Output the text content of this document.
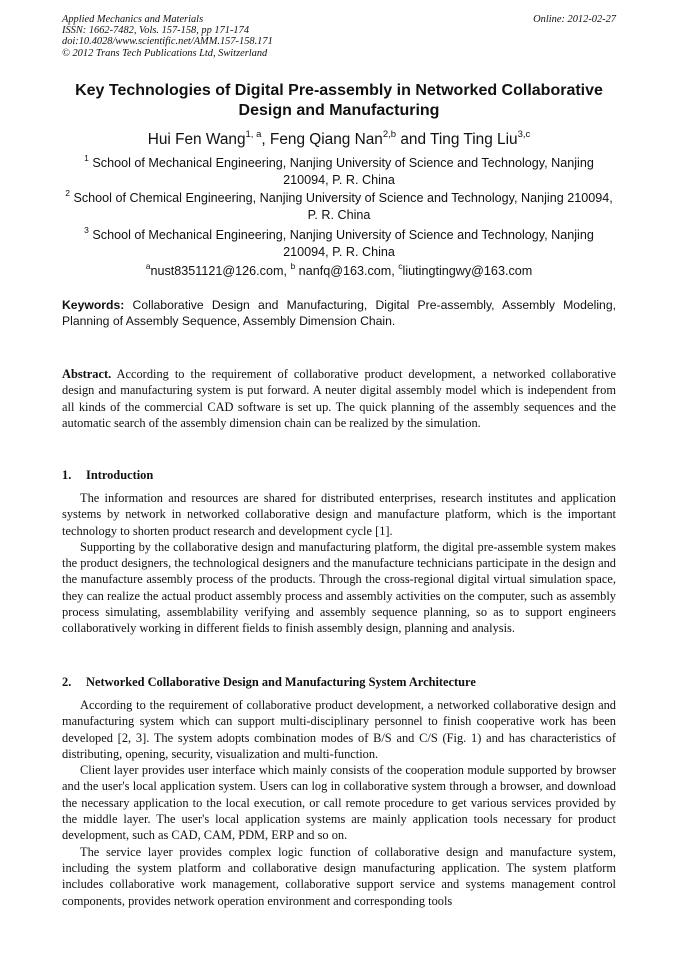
Applied Mechanics and Materials
ISSN: 1662-7482, Vols. 157-158, pp 171-174
doi:10.4028/www.scientific.net/AMM.157-158.171
© 2012 Trans Tech Publications Ltd, Switzerland
Online: 2012-02-27
Key Technologies of Digital Pre-assembly in Networked Collaborative
Design and Manufacturing
Hui Fen Wang$^{1, a}$, Feng Qiang Nan$^{2,b}$ and Ting Ting Liu$^{3,c}$
$^1$ School of Mechanical Engineering, Nanjing University of Science and Technology, Nanjing
210094, P. R. China
$^2$ School of Chemical Engineering, Nanjing University of Science and Technology, Nanjing 210094,
P. R. China
$^3$ School of Mechanical Engineering, Nanjing University of Science and Technology, Nanjing
210094, P. R. China
$^a$nust8351121@126.com, $^b$ nanfq@163.com, $^c$liutingtingwy@163.com
Keywords: Collaborative Design and Manufacturing, Digital Pre-assembly, Assembly Modeling, Planning of Assembly Sequence, Assembly Dimension Chain.
Abstract. According to the requirement of collaborative product development, a networked collaborative design and manufacturing system is put forward. A neuter digital assembly model which is independent from all kinds of the commercial CAD software is set up. The quick planning of the assembly sequences and the automatic search of the assembly dimension chain can be realized by the simulation.
1. Introduction

The information and resources are shared for distributed enterprises, research institutes and application systems by network in networked collaborative design and manufacture platform, which is the important technology to shorten product research and development cycle [1].

Supporting by the collaborative design and manufacturing platform, the digital pre-assemble system makes the product designers, the technological designers and the manufacture technicians participate in the design and the manufacture assembly process of the products. Through the cross-regional digital virtual simulation space, they can realize the actual product assembly process and assembly activities on the computer, such as assembly process simulating, assemblability verifying and assembly sequence planning, so as to support engineers collaboratively working in different fields to finish assembly design, planning and analysis.

2. Networked Collaborative Design and Manufacturing System Architecture

According to the requirement of collaborative product development, a networked collaborative design and manufacturing system which can support multi-disciplinary personnel to finish cooperative work has been developed [2, 3]. The system adopts combination modes of B/S and C/S (Fig. 1) and has characteristics of distributing, opening, security, visualization and multi-function.

Client layer provides user interface which mainly consists of the cooperation module supported by browser and the user's local application system. Users can log in collaborative system through a browser, and download the necessary application to the local execution, or call remote procedure to get various services provided by the middle layer. The user's local application systems are mainly application tools necessary for product development, such as CAD, CAM, PDM, ERP and so on.

The service layer provides complex logic function of collaborative design and manufacture system, including the system platform and collaborative design manufacturing application. The system platform includes collaborative work management, collaborative support service and systems management control components, provides network operation environment and corresponding tools
